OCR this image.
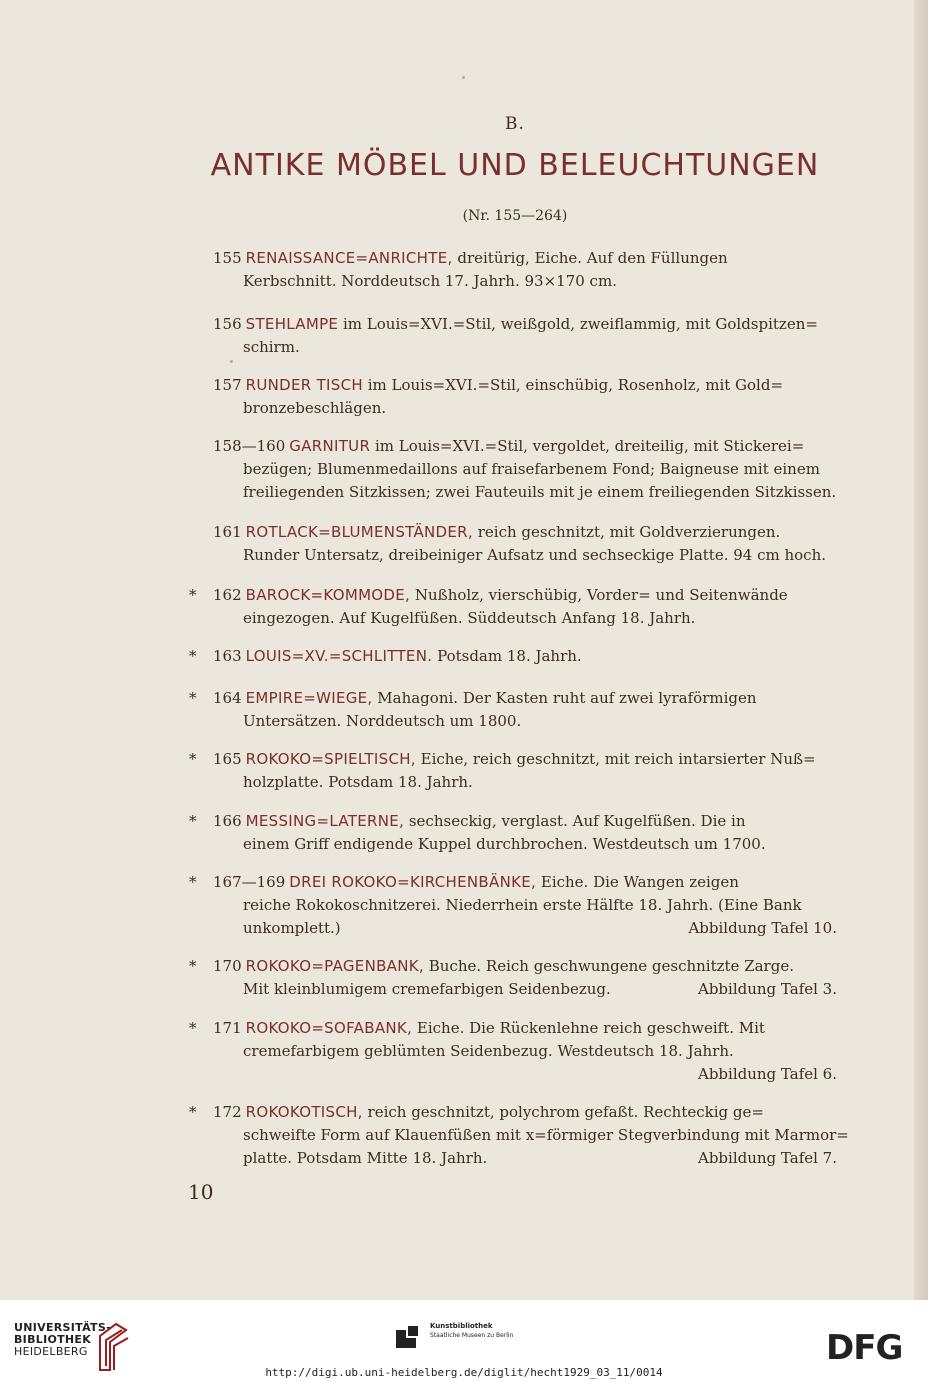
B.
ANTIKE MÖBEL UND BELEUCHTUNGEN
(Nr. 155—264)
155 RENAISSANCE=ANRICHTE, dreitürig, Eiche. Auf den Füllungen
Kerbschnitt. Norddeutsch 17. Jahrh. 93×170 cm.
156 STEHLAMPE im Louis=XVI.=Stil, weißgold, zweiflammig, mit Goldspitzen=
schirm.
157 RUNDER TISCH im Louis=XVI.=Stil, einschübig, Rosenholz, mit Gold=
bronzebeschlägen.
158—160 GARNITUR im Louis=XVI.=Stil, vergoldet, dreiteilig, mit Stickerei=
bezügen; Blumenmedaillons auf fraisefarbenem Fond; Baigneuse mit einem
freiliegenden Sitzkissen; zwei Fauteuils mit je einem freiliegenden Sitzkissen.
161 ROTLACK=BLUMENSTÄNDER, reich geschnitzt, mit Goldverzierungen.
Runder Untersatz, dreibeiniger Aufsatz und sechseckige Platte. 94 cm hoch.
* 162 BAROCK=KOMMODE, Nußholz, vierschübig, Vorder= und Seitenwände
eingezogen. Auf Kugelfüßen. Süddeutsch Anfang 18. Jahrh.
* 163 LOUIS=XV.=SCHLITTEN. Potsdam 18. Jahrh.
* 164 EMPIRE=WIEGE, Mahagoni. Der Kasten ruht auf zwei lyraförmigen
Untersätzen. Norddeutsch um 1800.
* 165 ROKOKO=SPIELTISCH, Eiche, reich geschnitzt, mit reich intarsierter Nuß=
holzplatte. Potsdam 18. Jahrh.
* 166 MESSING=LATERNE, sechseckig, verglast. Auf Kugelfüßen. Die in
einem Griff endigende Kuppel durchbrochen. Westdeutsch um 1700.
* 167—169 DREI ROKOKO=KIRCHENBÄNKE, Eiche. Die Wangen zeigen
reiche Rokokoschnitzerei. Niederrhein erste Hälfte 18. Jahrh. (Eine Bank
unkomplett.)	Abbildung Tafel 10.
* 170 ROKOKO=PAGENBANK, Buche. Reich geschwungene geschnitzte Zarge.
Mit kleinblumigem cremefarbigen Seidenbezug.	Abbildung Tafel 3.
* 171 ROKOKO=SOFABANK, Eiche. Die Rückenlehne reich geschweift. Mit
cremefarbigem geblümten Seidenbezug. Westdeutsch 18. Jahrh.
Abbildung Tafel 6.
* 172 ROKOKOTISCH, reich geschnitzt, polychrom gefaßt. Rechteckig ge=
schweifte Form auf Klauenfüßen mit x=förmiger Stegverbindung mit Marmor=
platte. Potsdam Mitte 18. Jahrh.	Abbildung Tafel 7.
10
UNIVERSITÄTS-
BIBLIOTHEK
HEIDELBERG
Kunstbibliothek
Staatliche Museen zu Berlin	DFG
http://digi.ub.uni-heidelberg.de/diglit/hecht1929_03_11/0014
